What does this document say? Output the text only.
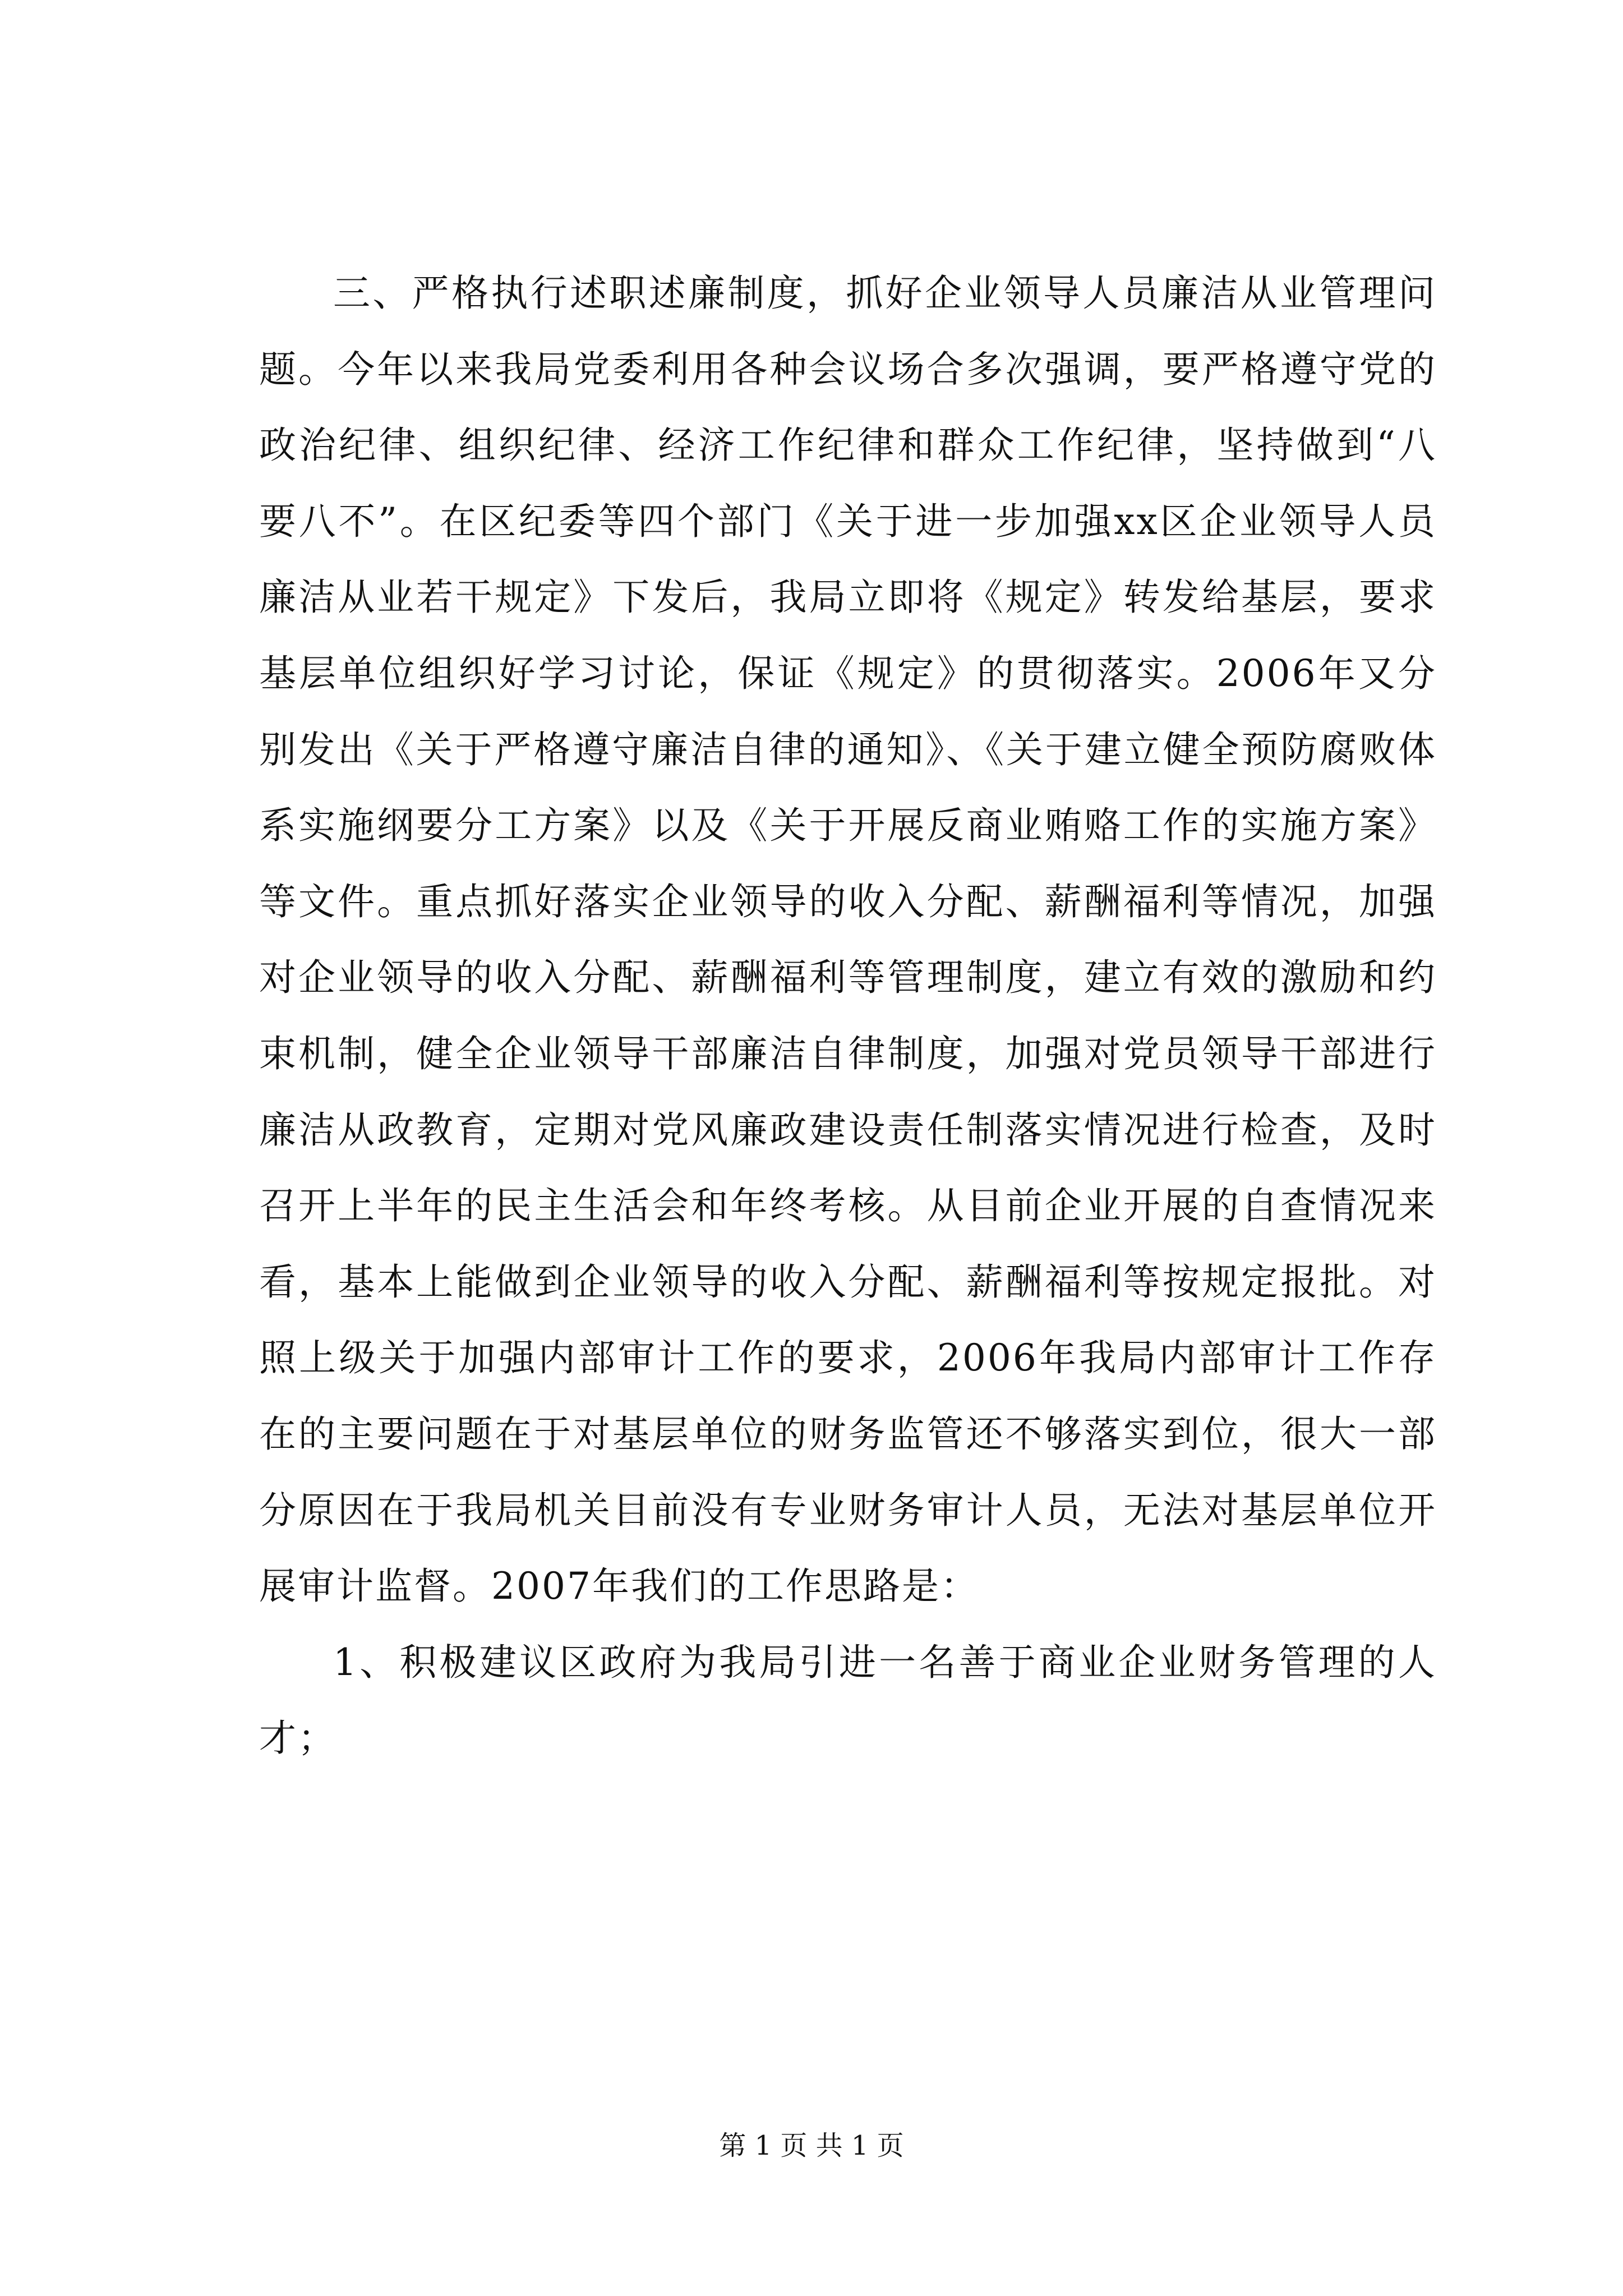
三、严格执行述职述廉制度，抓好企业领导人员廉洁从业管理问题。今年以来我局党委利用各种会议场合多次强调，要严格遵守党的政治纪律、组织纪律、经济工作纪律和群众工作纪律，坚持做到“八要八不”。在区纪委等四个部门《关于进一步加强xx区企业领导人员廉洁从业若干规定》下发后，我局立即将《规定》转发给基层，要求基层单位组织好学习讨论，保证《规定》的贯彻落实。2006年又分别发出《关于严格遵守廉洁自律的通知》、《关于建立健全预防腐败体系实施纲要分工方案》以及《关于开展反商业贿赂工作的实施方案》等文件。重点抓好落实企业领导的收入分配、薪酬福利等情况，加强对企业领导的收入分配、薪酬福利等管理制度，建立有效的激励和约束机制，健全企业领导干部廉洁自律制度，加强对党员领导干部进行廉洁从政教育，定期对党风廉政建设责任制落实情况进行检查，及时召开上半年的民主生活会和年终考核。从目前企业开展的自查情况来看，基本上能做到企业领导的收入分配、薪酬福利等按规定报批。对照上级关于加强内部审计工作的要求，2006年我局内部审计工作存在的主要问题在于对基层单位的财务监管还不够落实到位，很大一部分原因在于我局机关目前没有专业财务审计人员，无法对基层单位开展审计监督。2007年我们的工作思路是：

1、积极建议区政府为我局引进一名善于商业企业财务管理的人才；

第 1 页 共 1 页
